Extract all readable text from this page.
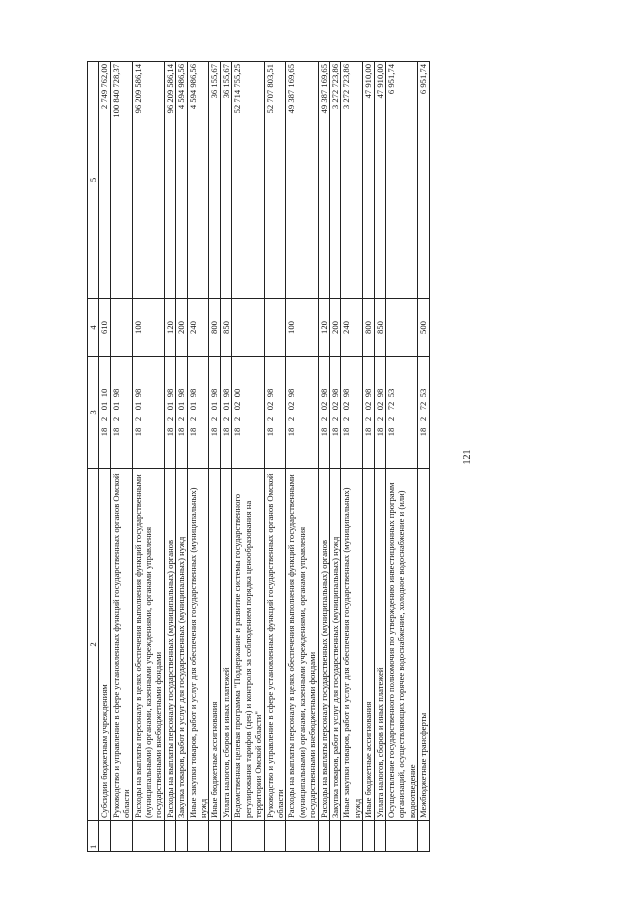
1	2	3	4	5
	Субсидии бюджетным учреждениям	1820110	610	2 749 762,00
	Руководство и управление в сфере установленных функций государственных органов Омской области	1820198		100 840 728,37
	Расходы на выплаты персоналу в целях обеспечения выполнения функций государственными (муниципальными) органами, казенными учреждениями, органами управления государственными внебюджетными фондами	1820198	100	96 209 586,14
	Расходы на выплаты персоналу государственных (муниципальных) органов	1820198	120	96 209 586,14
	Закупка товаров, работ и услуг для государственных (муниципальных) нужд	1820198	200	4 594 986,56
	Иные закупки товаров, работ и услуг для обеспечения государственных (муниципальных) нужд	1820198	240	4 594 986,56
	Иные бюджетные ассигнования	1820198	800	36 155,67
	Уплата налогов, сборов и иных платежей	1820198	850	36 155,67
	Ведомственная целевая программа "Поддержание и развитие системы государственного регулирования тарифов (цен) и контроля за соблюдением порядка ценообразования на территории Омской области"	1820200		52 714 755,25
	Руководство и управление в сфере установленных функций государственных органов Омской области	1820298		52 707 803,51
	Расходы на выплаты персоналу в целях обеспечения выполнения функций государственными (муниципальными) органами, казенными учреждениями, органами управления государственными внебюджетными фондами	1820298	100	49 387 169,65
	Расходы на выплаты персоналу государственных (муниципальных) органов	1820298	120	49 387 169,65
	Закупка товаров, работ и услуг для государственных (муниципальных) нужд	1820298	200	3 272 723,86
	Иные закупки товаров, работ и услуг для обеспечения государственных (муниципальных) нужд	1820298	240	3 272 723,86
	Иные бюджетные ассигнования	1820298	800	47 910,00
	Уплата налогов, сборов и иных платежей	1820298	850	47 910,00
	Осуществление государственного полномочия по утверждению инвестиционных программ организаций, осуществляющих горячее водоснабжение, холодное водоснабжение и (или) водоотведение	1827253		6 951,74
	Межбюджетные трансферты	1827253	500	6 951,74
121
